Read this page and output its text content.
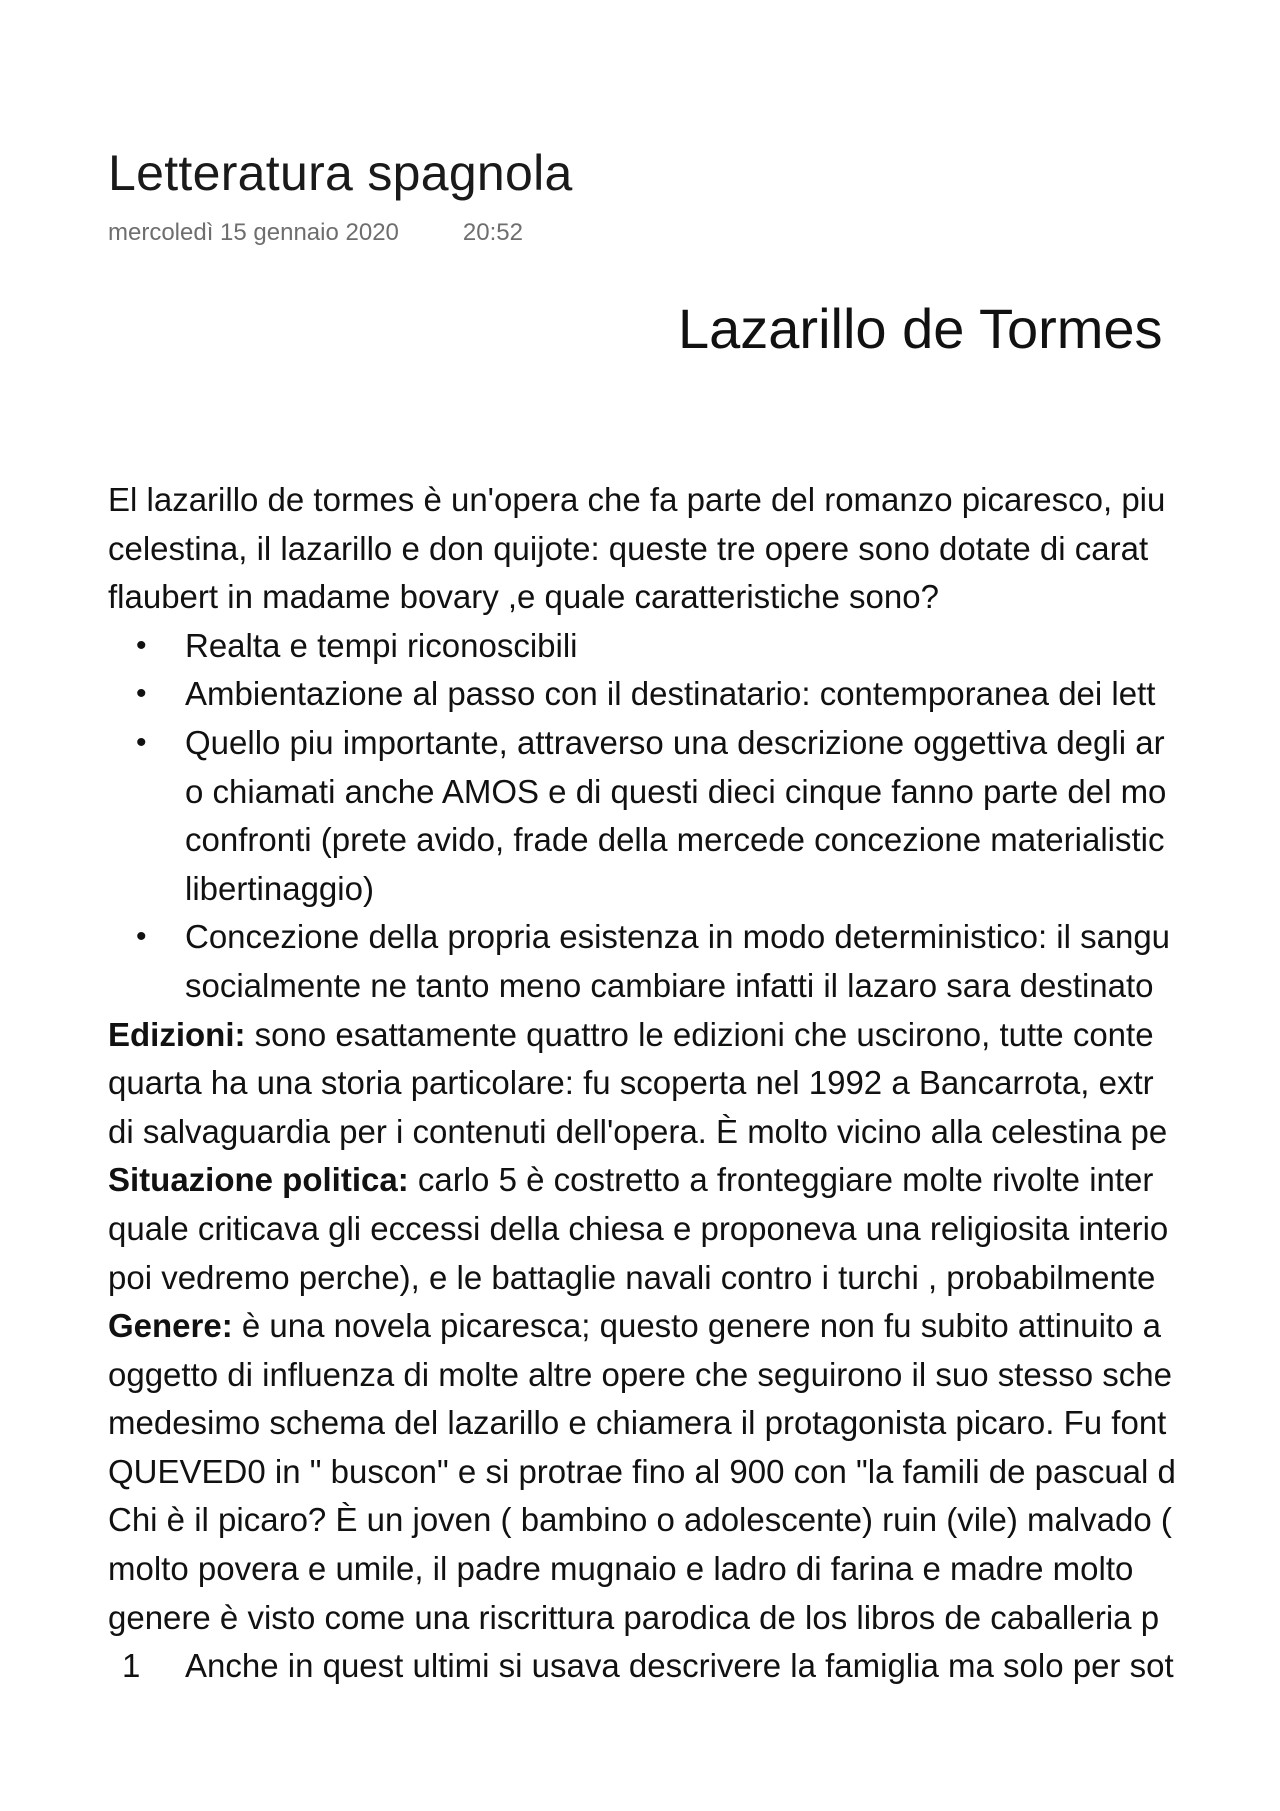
Letteratura spagnola
mercoledì 15 gennaio 2020	20:52
Lazarillo de Tormes
El lazarillo de tormes è un'opera che fa parte del romanzo picaresco, piu
celestina, il lazarillo e don quijote: queste tre opere sono dotate di carat
flaubert in madame bovary ,e quale caratteristiche sono?
• Realta e tempi riconoscibili
• Ambientazione al passo con il destinatario: contemporanea dei lett
• Quello piu importante, attraverso una descrizione oggettiva degli ar
o chiamati anche AMOS e di questi dieci cinque fanno parte del mo
confronti (prete avido, frade della mercede concezione materialistic
libertinaggio)
• Concezione della propria esistenza in modo deterministico: il sangu
socialmente ne tanto meno cambiare infatti il lazaro sara destinato
Edizioni: sono esattamente quattro le edizioni che uscirono, tutte conte
quarta ha una storia particolare: fu scoperta nel 1992 a Bancarrota, extr
di salvaguardia per i contenuti dell'opera. È molto vicino alla celestina pe
Situazione politica: carlo 5 è costretto a fronteggiare molte rivolte inter
quale criticava gli eccessi della chiesa e proponeva una religiosita interio
poi vedremo perche), e le battaglie navali contro i turchi , probabilmente
Genere: è una novela picaresca; questo genere non fu subito attinuito a
oggetto di influenza di molte altre opere che seguirono il suo stesso sche
medesimo schema del lazarillo e chiamera il protagonista picaro. Fu font
QUEVED0 in " buscon" e si protrae fino al 900 con "la famili de pascual d
Chi è il picaro? È un joven ( bambino o adolescente) ruin (vile) malvado (
molto povera e umile, il padre mugnaio e ladro di farina e madre molto
genere è visto come una riscrittura parodica de los libros de caballeria p
1 Anche in quest ultimi si usava descrivere la famiglia ma solo per sot
